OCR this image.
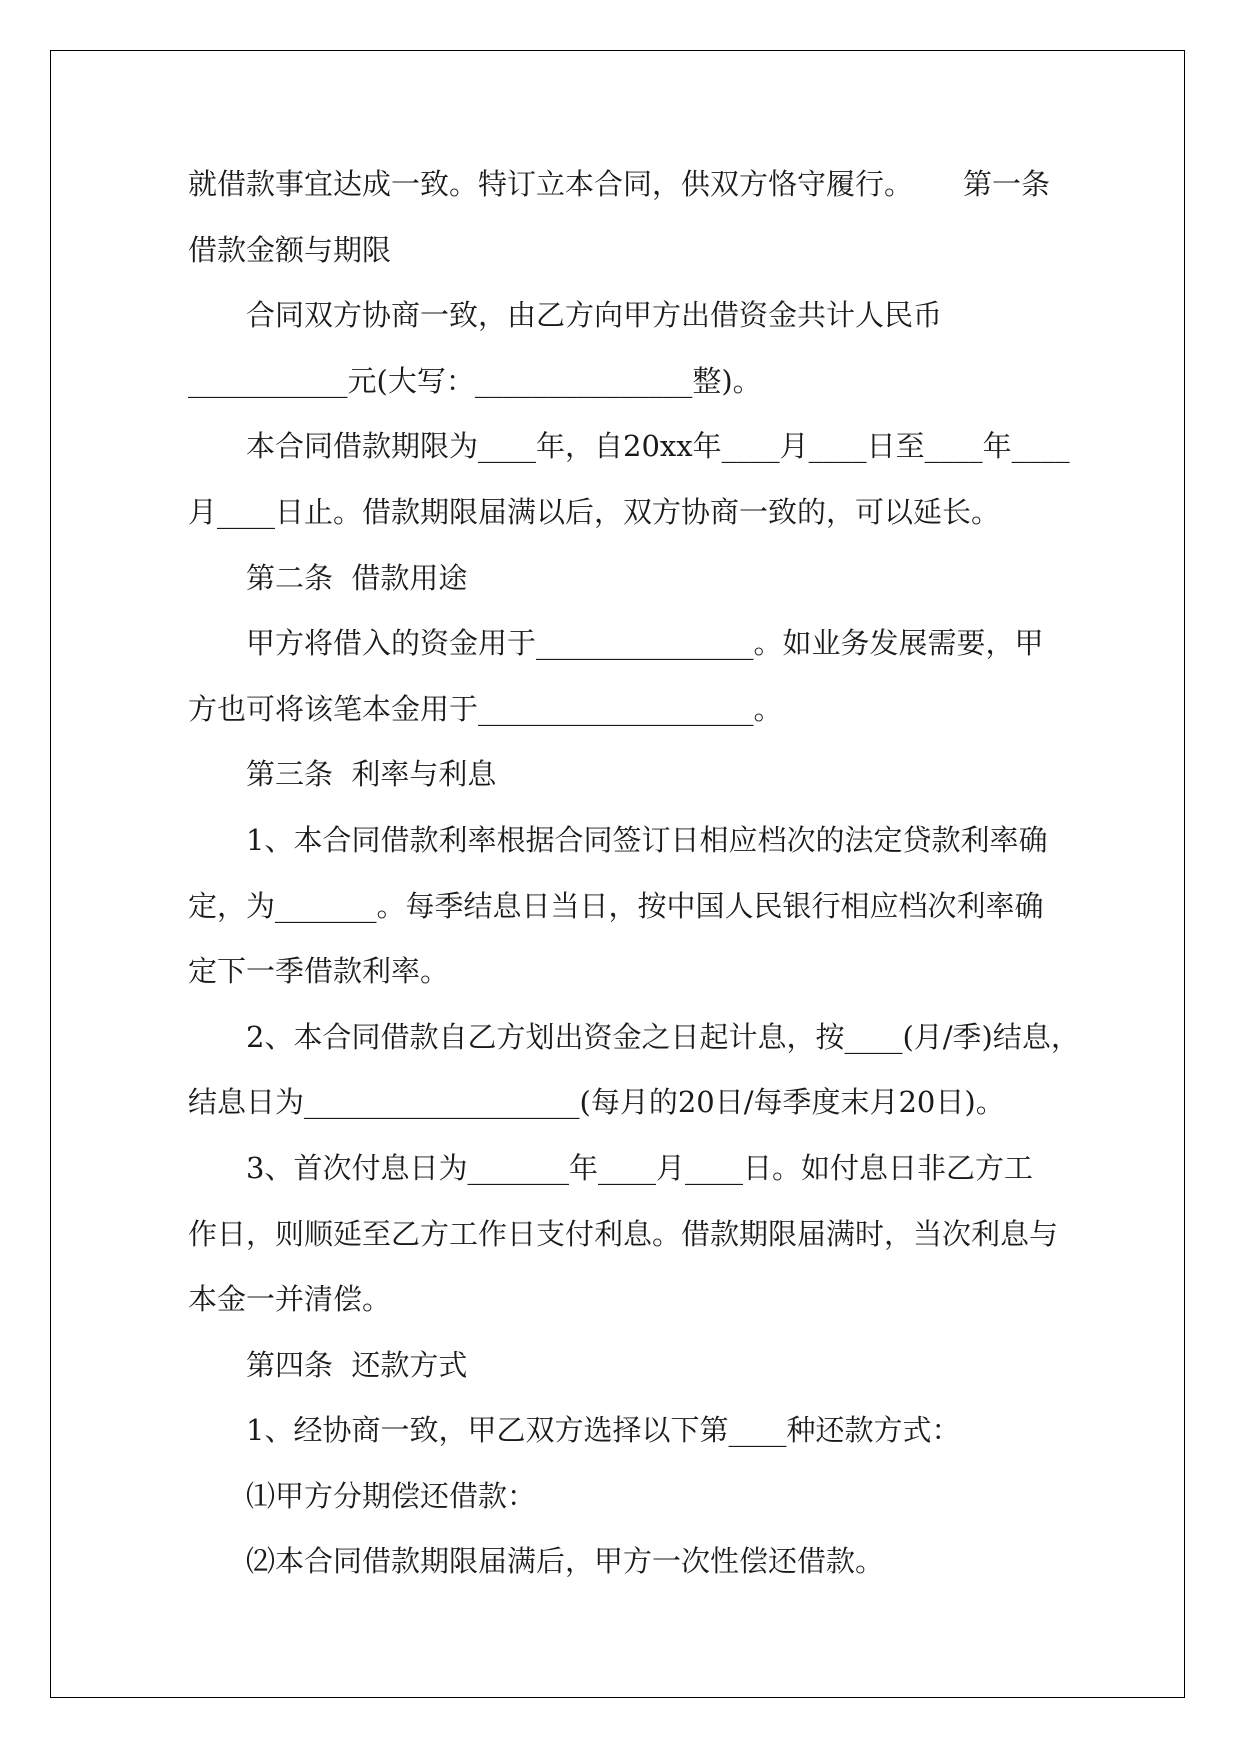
就借款事宜达成一致。特订立本合同，供双方恪守履行。 第一条
借款金额与期限
合同双方协商一致，由乙方向甲方出借资金共计人民币
___________元(大写：_______________整)。
本合同借款期限为____年，自20xx年____月____日至____年____
月____日止。借款期限届满以后，双方协商一致的，可以延长。
第二条  借款用途
甲方将借入的资金用于_______________。如业务发展需要，甲
方也可将该笔本金用于___________________。
第三条  利率与利息
1、本合同借款利率根据合同签订日相应档次的法定贷款利率确
定，为_______。每季结息日当日，按中国人民银行相应档次利率确
定下一季借款利率。
2、本合同借款自乙方划出资金之日起计息，按____(月/季)结息，
结息日为___________________(每月的20日/每季度末月20日)。
3、首次付息日为_______年____月____日。如付息日非乙方工
作日，则顺延至乙方工作日支付利息。借款期限届满时，当次利息与
本金一并清偿。
第四条  还款方式
1、经协商一致，甲乙双方选择以下第____种还款方式：
⑴甲方分期偿还借款：
⑵本合同借款期限届满后，甲方一次性偿还借款。
